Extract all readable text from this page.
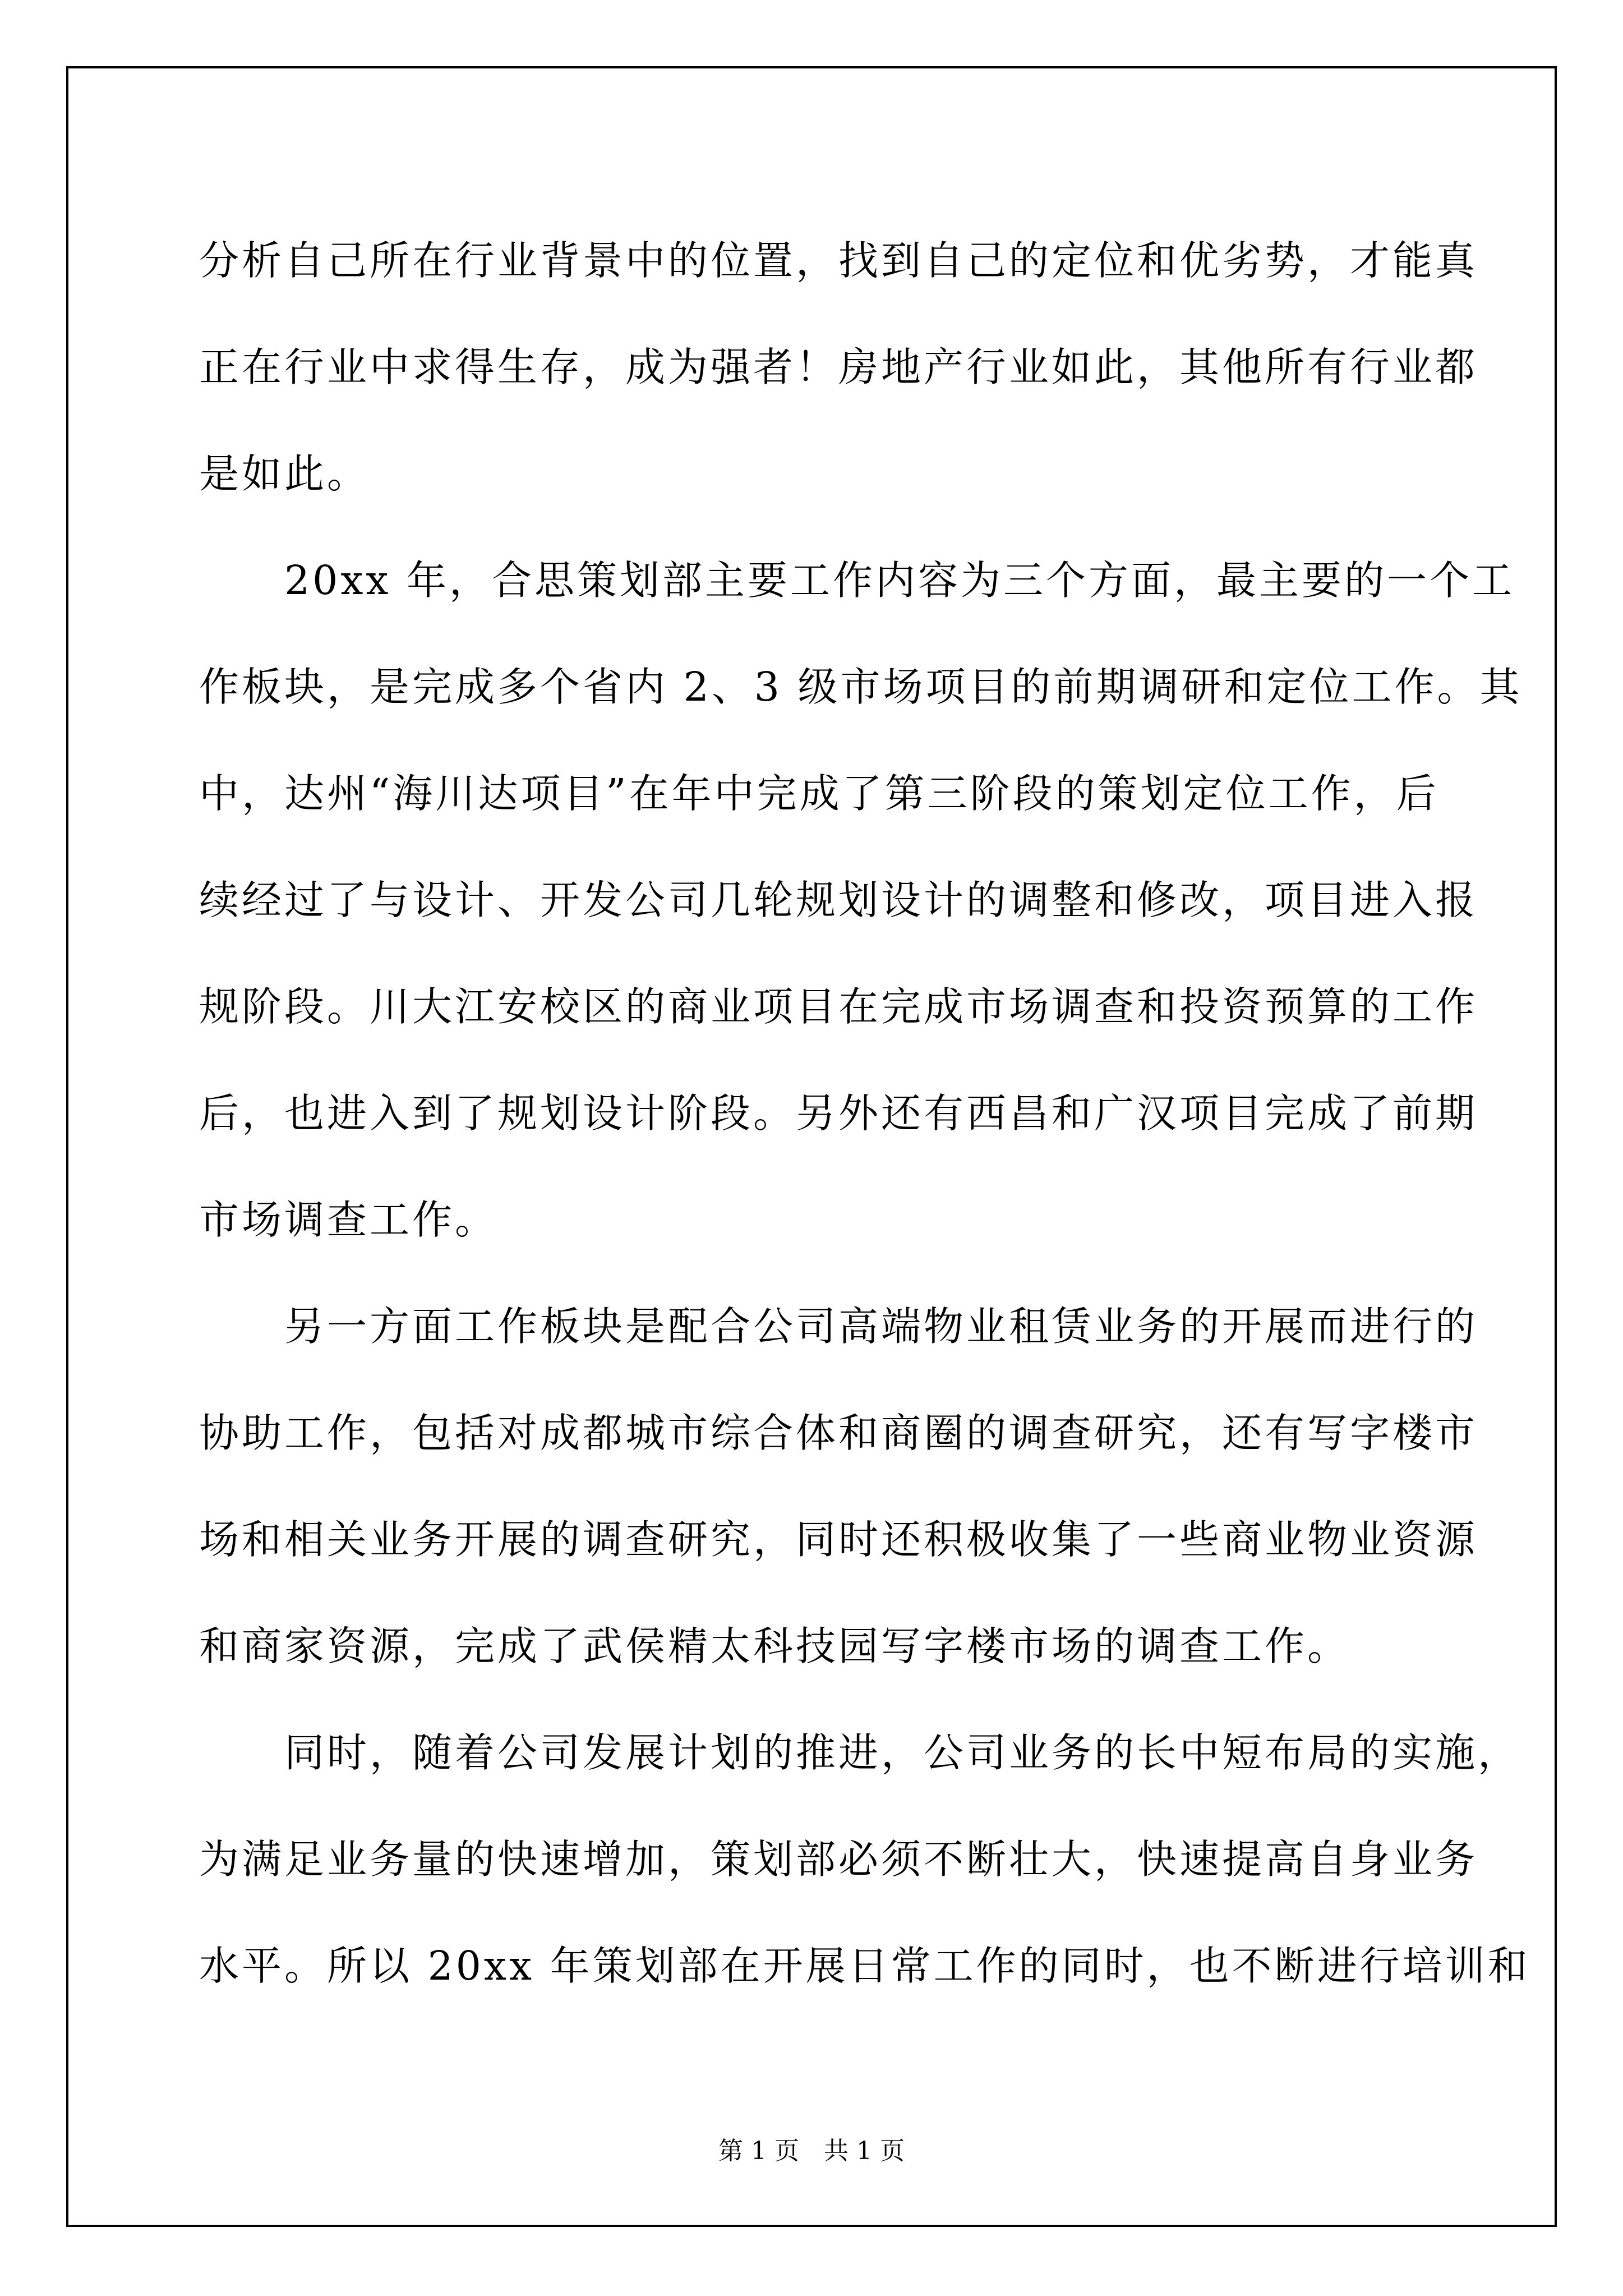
分析自己所在行业背景中的位置，找到自己的定位和优劣势，才能真
正在行业中求得生存，成为强者！房地产行业如此，其他所有行业都
是如此。
　　20xx 年，合思策划部主要工作内容为三个方面，最主要的一个工
作板块，是完成多个省内 2、3 级市场项目的前期调研和定位工作。其
中，达州“海川达项目”在年中完成了第三阶段的策划定位工作，后
续经过了与设计、开发公司几轮规划设计的调整和修改，项目进入报
规阶段。川大江安校区的商业项目在完成市场调查和投资预算的工作
后，也进入到了规划设计阶段。另外还有西昌和广汉项目完成了前期
市场调查工作。
　　另一方面工作板块是配合公司高端物业租赁业务的开展而进行的
协助工作，包括对成都城市综合体和商圈的调查研究，还有写字楼市
场和相关业务开展的调查研究，同时还积极收集了一些商业物业资源
和商家资源，完成了武侯精太科技园写字楼市场的调查工作。
　　同时，随着公司发展计划的推进，公司业务的长中短布局的实施，
为满足业务量的快速增加，策划部必须不断壮大，快速提高自身业务
水平。所以 20xx 年策划部在开展日常工作的同时，也不断进行培训和
第 1 页　共 1 页
